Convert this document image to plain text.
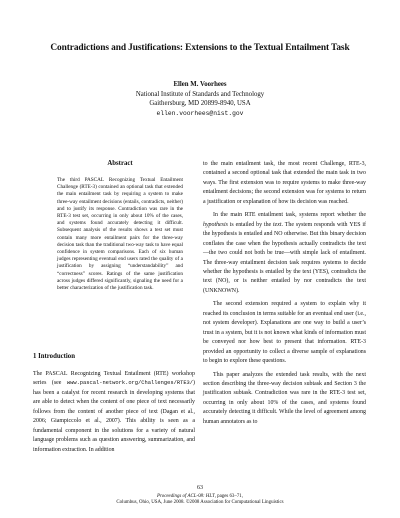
Contradictions and Justifications: Extensions to the Textual Entailment Task
Ellen M. Voorhees
National Institute of Standards and Technology
Gaithersburg, MD 20899-8940, USA
ellen.voorhees@nist.gov
Abstract
The third PASCAL Recognizing Textual Entailment Challenge (RTE-3) contained an optional task that extended the main entailment task by requiring a system to make three-way entailment decisions (entails, contradicts, neither) and to justify its response. Contradiction was rare in the RTE-3 test set, occurring in only about 10% of the cases, and systems found accurately detecting it difficult. Subsequent analysis of the results shows a test set must contain many more entailment pairs for the three-way decision task than the traditional two-way task to have equal confidence in system comparisons. Each of six human judges representing eventual end users rated the quality of a justification by assigning “understandability” and “correctness” scores. Ratings of the same justification across judges differed significantly, signaling the need for a better characterization of the justification task.
1 Introduction
The PASCAL Recognizing Textual Entailment (RTE) workshop series (see www.pascal-network.org/Challenges/RTE3/) has been a catalyst for recent research in developing systems that are able to detect when the content of one piece of text necessarily follows from the content of another piece of text (Dagan et al., 2006; Giampiccolo et al., 2007). This ability is seen as a fundamental component in the solutions for a variety of natural language problems such as question answering, summarization, and information extraction. In addition

to the main entailment task, the most recent Challenge, RTE-3, contained a second optional task that extended the main task in two ways. The first extension was to require systems to make three-way entailment decisions; the second extension was for systems to return a justification or explanation of how its decision was reached.

In the main RTE entailment task, systems report whether the hypothesis is entailed by the text. The system responds with YES if the hypothesis is entailed and NO otherwise. But this binary decision conflates the case when the hypothesis actually contradicts the text—the two could not both be true—with simple lack of entailment. The three-way entailment decision task requires systems to decide whether the hypothesis is entailed by the text (YES), contradicts the text (NO), or is neither entailed by nor contradicts the text (UNKNOWN).

The second extension required a system to explain why it reached its conclusion in terms suitable for an eventual end user (i.e., not system developer). Explanations are one way to build a user’s trust in a system, but it is not known what kinds of information must be conveyed nor how best to present that information. RTE-3 provided an opportunity to collect a diverse sample of explanations to begin to explore these questions.

This paper analyzes the extended task results, with the next section describing the three-way decision subtask and Section 3 the justification subtask. Contradiction was rare in the RTE-3 test set, occurring in only about 10% of the cases, and systems found accurately detecting it difficult. While the level of agreement among human annotators as to

63
Proceedings of ACL-08: HLT, pages 63–71,
Columbus, Ohio, USA, June 2008. ©2008 Association for Computational Linguistics
